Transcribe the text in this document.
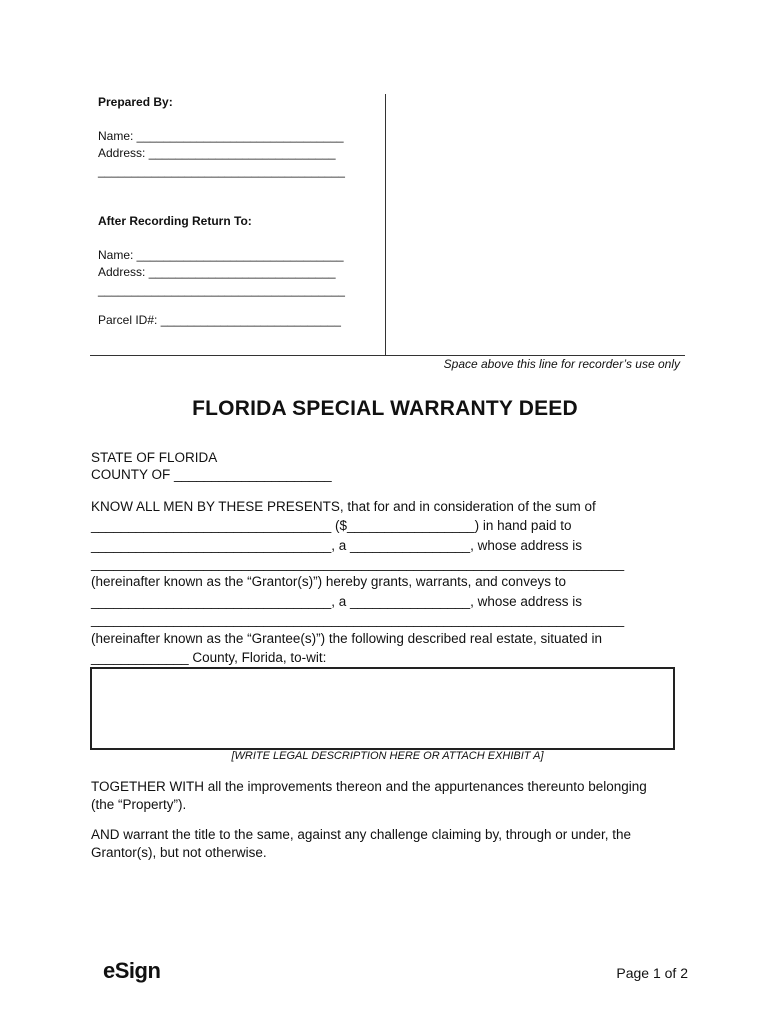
Prepared By:
Name: _______________________________
Address: ____________________________
_____________________________________
After Recording Return To:
Name: _______________________________
Address: ____________________________
_____________________________________
Parcel ID#: ___________________________
Space above this line for recorder’s use only
FLORIDA SPECIAL WARRANTY DEED
STATE OF FLORIDA
COUNTY OF _____________________
KNOW ALL MEN BY THESE PRESENTS, that for and in consideration of the sum of
________________________________ ($_________________) in hand paid to
________________________________, a ________________, whose address is
_______________________________________________________________________
(hereinafter known as the “Grantor(s)”) hereby grants, warrants, and conveys to
________________________________, a ________________, whose address is
_______________________________________________________________________
(hereinafter known as the “Grantee(s)”) the following described real estate, situated in
_____________ County, Florida, to-wit:
[WRITE LEGAL DESCRIPTION HERE OR ATTACH EXHIBIT A]
TOGETHER WITH all the improvements thereon and the appurtenances thereunto belonging
(the “Property”).
AND warrant the title to the same, against any challenge claiming by, through or under, the
Grantor(s), but not otherwise.
eSign	Page 1 of 2
